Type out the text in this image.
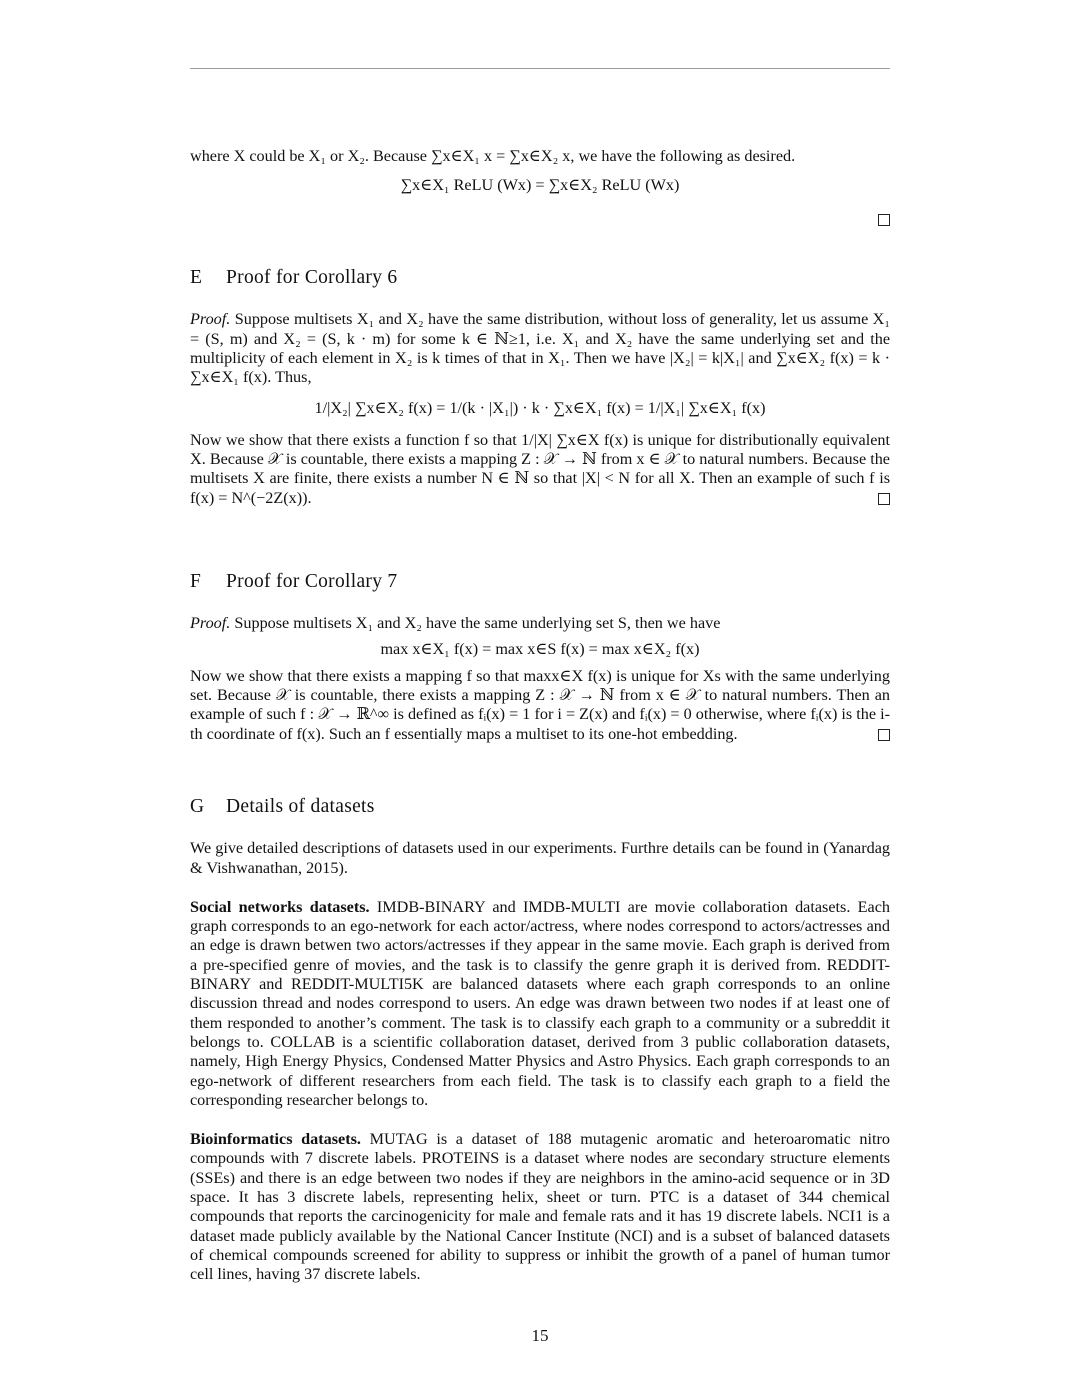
where X could be X₁ or X₂. Because ∑x∈X₁ x = ∑x∈X₂ x, we have the following as desired.

∑x∈X₁ ReLU (Wx) = ∑x∈X₂ ReLU (Wx)

E Proof for Corollary 6

Proof. Suppose multisets X₁ and X₂ have the same distribution, without loss of generality, let us assume X₁ = (S, m) and X₂ = (S, k · m) for some k ∈ ℕ≥1, i.e. X₁ and X₂ have the same underlying set and the multiplicity of each element in X₂ is k times of that in X₁. Then we have |X₂| = k|X₁| and ∑x∈X₂ f(x) = k · ∑x∈X₁ f(x). Thus,

1/|X₂| ∑x∈X₂ f(x) = 1/(k · |X₁|) · k · ∑x∈X₁ f(x) = 1/|X₁| ∑x∈X₁ f(x)

Now we show that there exists a function f so that 1/|X| ∑x∈X f(x) is unique for distributionally equivalent X. Because 𝒳 is countable, there exists a mapping Z : 𝒳 → ℕ from x ∈ 𝒳 to natural numbers. Because the multisets X are finite, there exists a number N ∈ ℕ so that |X| < N for all X. Then an example of such f is f(x) = N^(−2Z(x)).

F Proof for Corollary 7

Proof. Suppose multisets X₁ and X₂ have the same underlying set S, then we have

max x∈X₁ f(x) = max x∈S f(x) = max x∈X₂ f(x)

Now we show that there exists a mapping f so that maxx∈X f(x) is unique for Xs with the same underlying set. Because 𝒳 is countable, there exists a mapping Z : 𝒳 → ℕ from x ∈ 𝒳 to natural numbers. Then an example of such f : 𝒳 → ℝ^∞ is defined as fᵢ(x) = 1 for i = Z(x) and fᵢ(x) = 0 otherwise, where fᵢ(x) is the i-th coordinate of f(x). Such an f essentially maps a multiset to its one-hot embedding.

G Details of datasets

We give detailed descriptions of datasets used in our experiments. Furthre details can be found in (Yanardag & Vishwanathan, 2015).

Social networks datasets. IMDB-BINARY and IMDB-MULTI are movie collaboration datasets. Each graph corresponds to an ego-network for each actor/actress, where nodes correspond to actors/actresses and an edge is drawn betwen two actors/actresses if they appear in the same movie. Each graph is derived from a pre-specified genre of movies, and the task is to classify the genre graph it is derived from. REDDIT-BINARY and REDDIT-MULTI5K are balanced datasets where each graph corresponds to an online discussion thread and nodes correspond to users. An edge was drawn between two nodes if at least one of them responded to another’s comment. The task is to classify each graph to a community or a subreddit it belongs to. COLLAB is a scientific collaboration dataset, derived from 3 public collaboration datasets, namely, High Energy Physics, Condensed Matter Physics and Astro Physics. Each graph corresponds to an ego-network of different researchers from each field. The task is to classify each graph to a field the corresponding researcher belongs to.

Bioinformatics datasets. MUTAG is a dataset of 188 mutagenic aromatic and heteroaromatic nitro compounds with 7 discrete labels. PROTEINS is a dataset where nodes are secondary structure elements (SSEs) and there is an edge between two nodes if they are neighbors in the amino-acid sequence or in 3D space. It has 3 discrete labels, representing helix, sheet or turn. PTC is a dataset of 344 chemical compounds that reports the carcinogenicity for male and female rats and it has 19 discrete labels. NCI1 is a dataset made publicly available by the National Cancer Institute (NCI) and is a subset of balanced datasets of chemical compounds screened for ability to suppress or inhibit the growth of a panel of human tumor cell lines, having 37 discrete labels.

15
